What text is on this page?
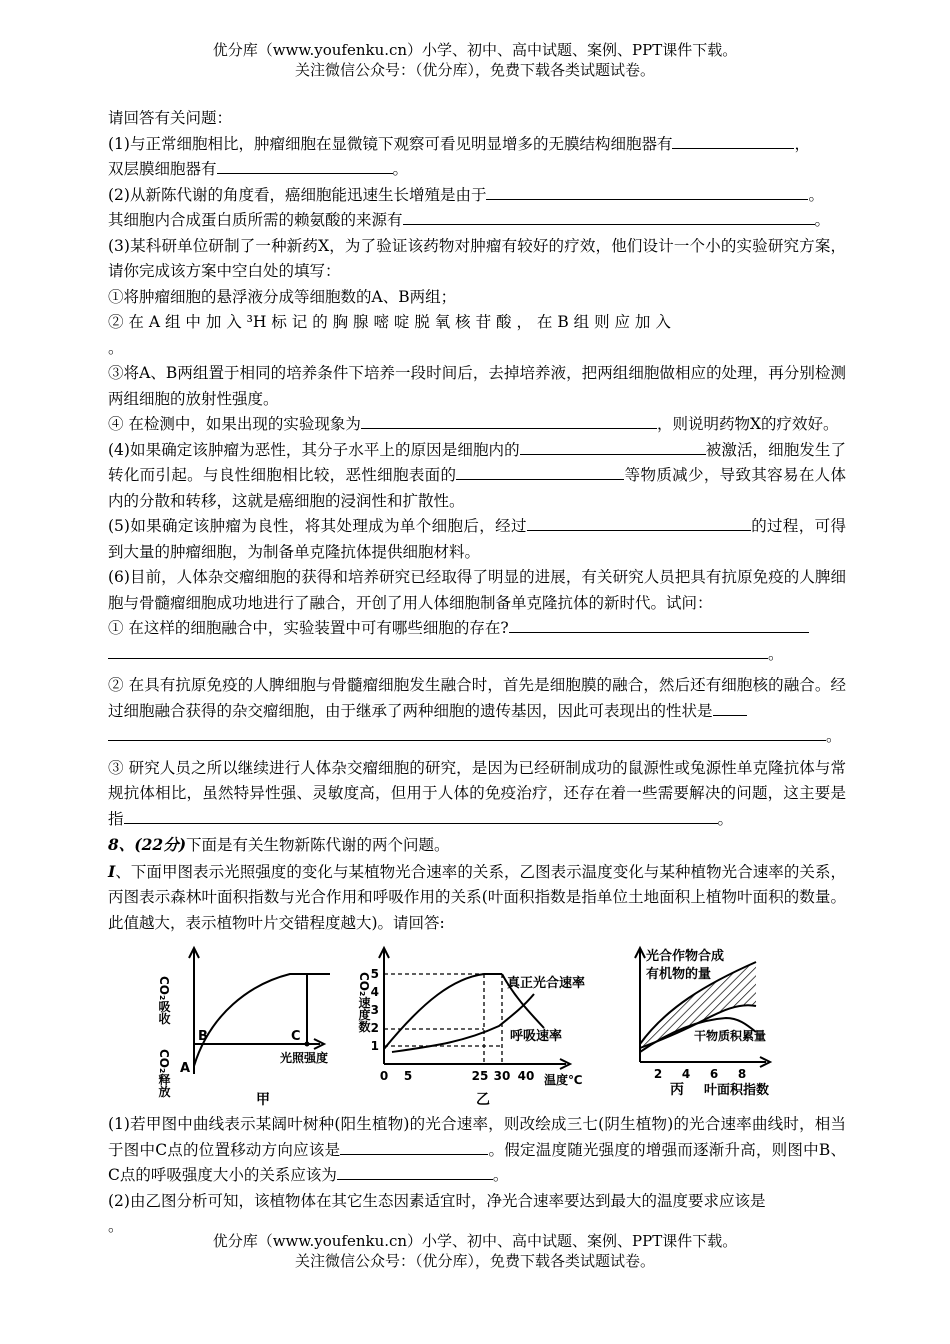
优分库（www.youfenku.cn）小学、初中、高中试题、案例、PPT课件下载。
关注微信公众号：（优分库），免费下载各类试题试卷。

请回答有关问题：

(1)与正常细胞相比，肿瘤细胞在显微镜下观察可看见明显增多的无膜结构细胞器有	，
双层膜细胞器有	。

(2)从新陈代谢的角度看，癌细胞能迅速生长增殖是由于	。
其细胞内合成蛋白质所需的赖氨酸的来源有	。

(3)某科研单位研制了一种新药X，为了验证该药物对肿瘤有较好的疗效，他们设计一个小的实验研究方案，请你完成该方案中空白处的填写：

①将肿瘤细胞的悬浮液分成等细胞数的A、B两组；

② 在 A 组 中 加 入 ³H 标 记 的 胸 腺 嘧 啶 脱 氧 核 苷 酸 ， 在 B 组 则 应 加 入
。

③将A、B两组置于相同的培养条件下培养一段时间后，去掉培养液，把两组细胞做相应的处理，再分别检测两组细胞的放射性强度。

④ 在检测中，如果出现的实验现象为	，则说明药物X的疗效好。

(4)如果确定该肿瘤为恶性，其分子水平上的原因是细胞内的	被激活，细胞发生了转化而引起。与良性细胞相比较，恶性细胞表面的	等物质减少，导致其容易在人体内的分散和转移，这就是癌细胞的浸润性和扩散性。

(5)如果确定该肿瘤为良性，将其处理成为单个细胞后，经过	的过程，可得到大量的肿瘤细胞，为制备单克隆抗体提供细胞材料。

(6)目前，人体杂交瘤细胞的获得和培养研究已经取得了明显的进展，有关研究人员把具有抗原免疫的人脾细胞与骨髓瘤细胞成功地进行了融合，开创了用人体细胞制备单克隆抗体的新时代。试问：

① 在这样的细胞融合中，实验装置中可有哪些细胞的存在?

。

② 在具有抗原免疫的人脾细胞与骨髓瘤细胞发生融合时，首先是细胞膜的融合，然后还有细胞核的融合。经过细胞融合获得的杂交瘤细胞，由于继承了两种细胞的遗传基因，因此可表现出的性状是

。

③ 研究人员之所以继续进行人体杂交瘤细胞的研究，是因为已经研制成功的鼠源性或兔源性单克隆抗体与常规抗体相比，虽然特异性强、灵敏度高，但用于人体的免疫治疗，还存在着一些需要解决的问题，这主要是指	。

8、(22分)下面是有关生物新陈代谢的两个问题。

I、下面甲图表示光照强度的变化与某植物光合速率的关系，乙图表示温度变化与某种植物光合速率的关系，丙图表示森林叶面积指数与光合作用和呼吸作用的关系(叶面积指数是指单位土地面积上植物叶面积的数量。此值越大，表示植物叶片交错程度越大)。请回答:

CO₂吸收
CO₂释放 A
B	C
光照强度
甲
1
2
3
4
5
0 5	25 30 40
CO₂速度数	真正光合速率
呼吸速率
温度℃
乙
光合作物合成
有机物的量
干物质积累量
2 4 6 8
叶面积指数
丙

(1)若甲图中曲线表示某阔叶树种(阳生植物)的光合速率，则改绘成三七(阴生植物)的光合速率曲线时，相当于图中C点的位置移动方向应该是	。假定温度随光强度的增强而逐渐升高，则图中B、C点的呼吸强度大小的关系应该为	。

(2)由乙图分析可知，该植物体在其它生态因素适宜时，净光合速率要达到最大的温度要求应该是
。

优分库（www.youfenku.cn）小学、初中、高中试题、案例、PPT课件下载。
关注微信公众号：（优分库），免费下载各类试题试卷。
